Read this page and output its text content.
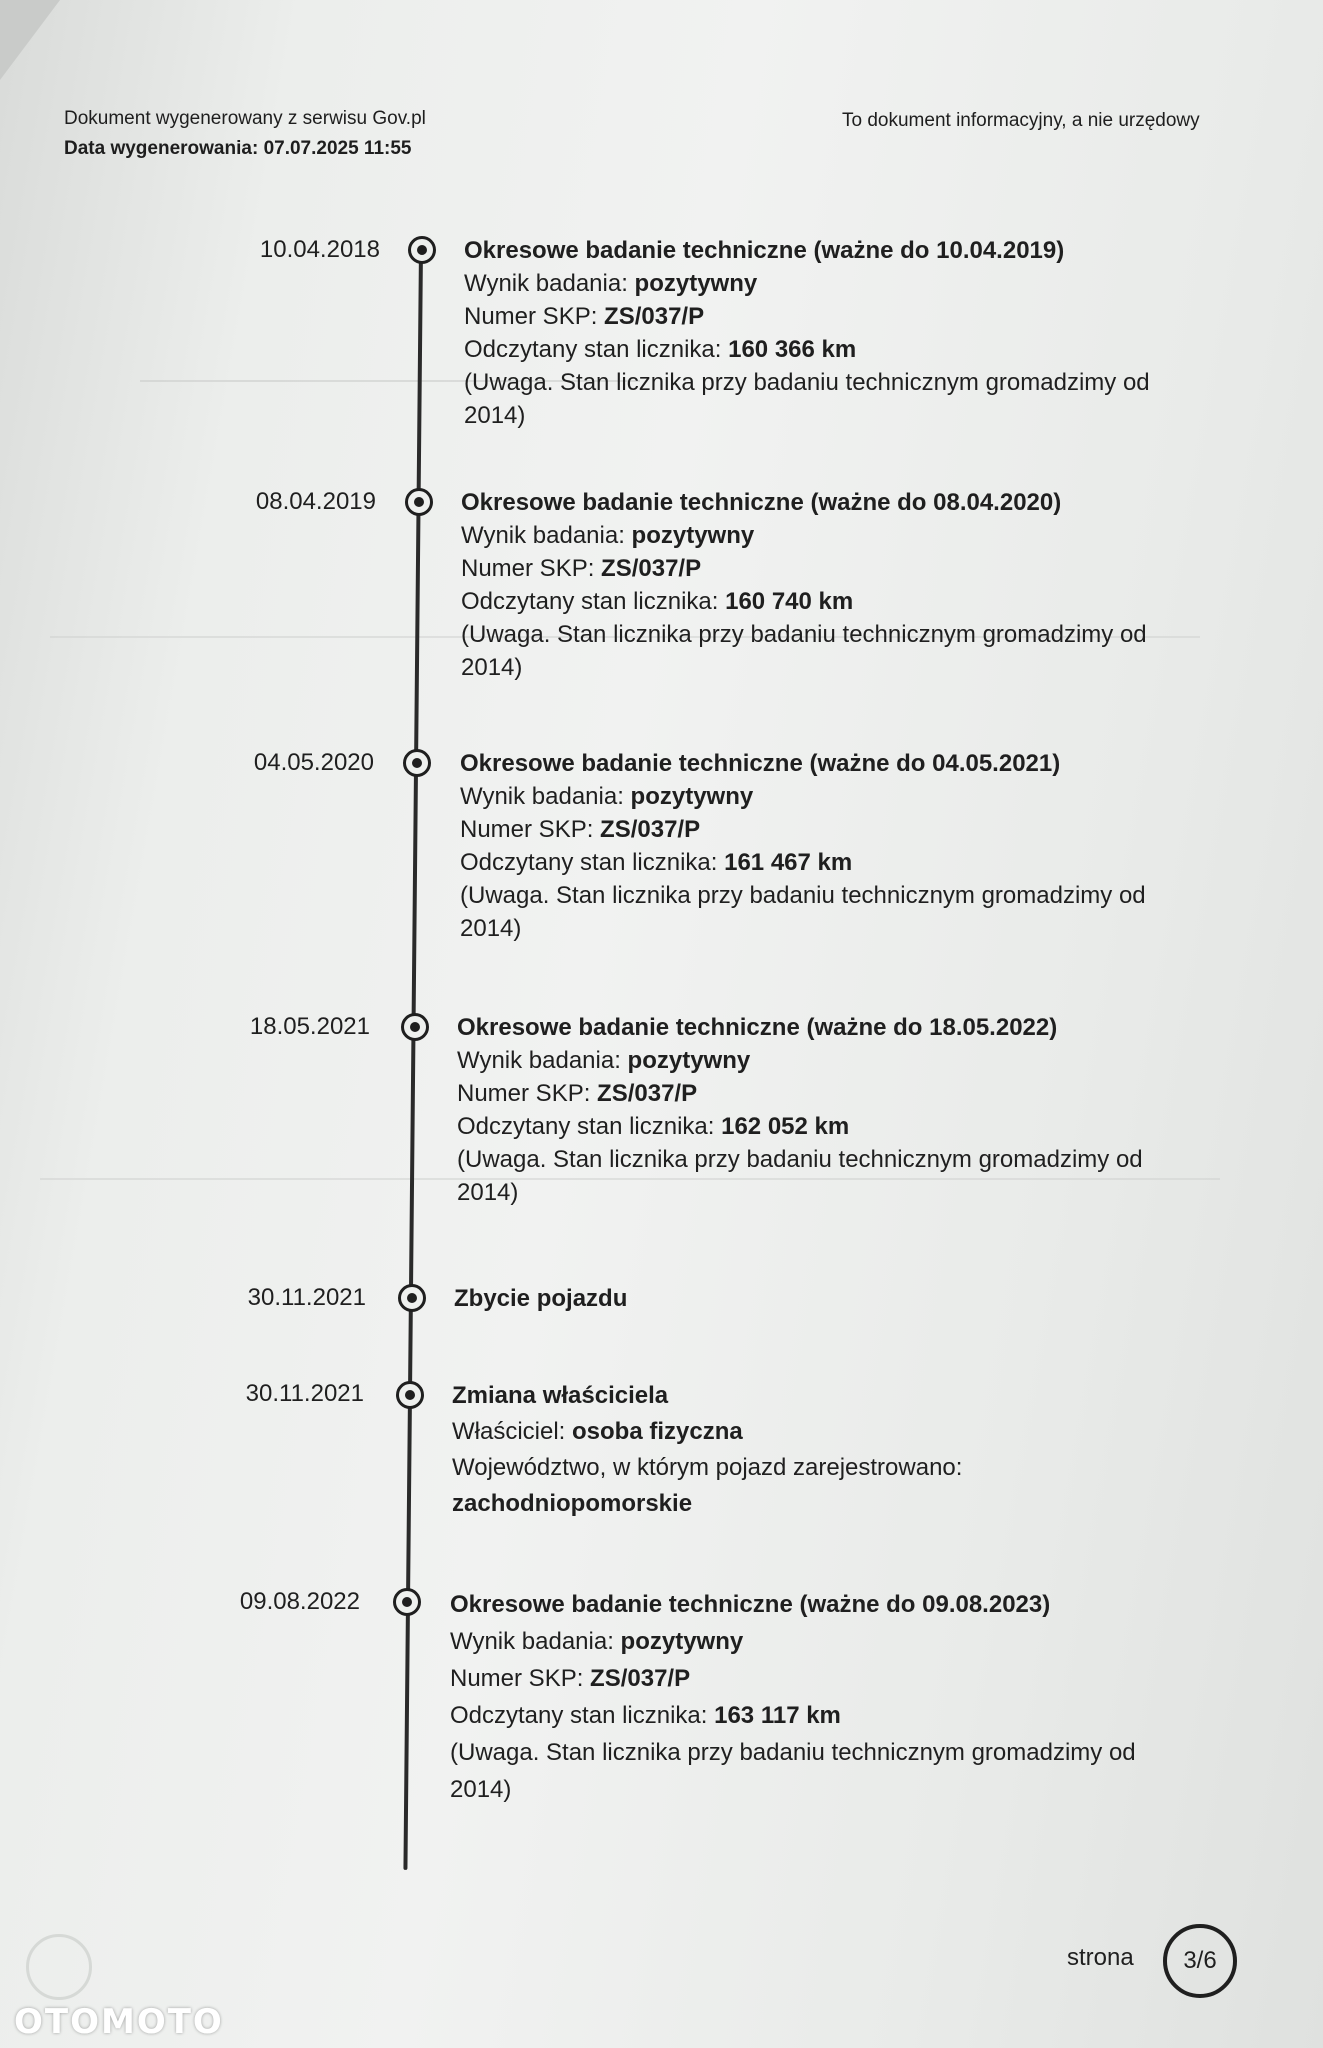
Dokument wygenerowany z serwisu Gov.pl
Data wygenerowania: 07.07.2025 11:55
To dokument informacyjny, a nie urzędowy
10.04.2018	Okresowe badanie techniczne (ważne do 10.04.2019)
Wynik badania: pozytywny
Numer SKP: ZS/037/P
Odczytany stan licznika: 160 366 km
(Uwaga. Stan licznika przy badaniu technicznym gromadzimy od
2014)
08.04.2019	Okresowe badanie techniczne (ważne do 08.04.2020)
Wynik badania: pozytywny
Numer SKP: ZS/037/P
Odczytany stan licznika: 160 740 km
(Uwaga. Stan licznika przy badaniu technicznym gromadzimy od
2014)
04.05.2020	Okresowe badanie techniczne (ważne do 04.05.2021)
Wynik badania: pozytywny
Numer SKP: ZS/037/P
Odczytany stan licznika: 161 467 km
(Uwaga. Stan licznika przy badaniu technicznym gromadzimy od
2014)
18.05.2021	Okresowe badanie techniczne (ważne do 18.05.2022)
Wynik badania: pozytywny
Numer SKP: ZS/037/P
Odczytany stan licznika: 162 052 km
(Uwaga. Stan licznika przy badaniu technicznym gromadzimy od
2014)
30.11.2021	Zbycie pojazdu
30.11.2021	Zmiana właściciela
Właściciel: osoba fizyczna
Województwo, w którym pojazd zarejestrowano:
zachodniopomorskie
09.08.2022	Okresowe badanie techniczne (ważne do 09.08.2023)
Wynik badania: pozytywny
Numer SKP: ZS/037/P
Odczytany stan licznika: 163 117 km
(Uwaga. Stan licznika przy badaniu technicznym gromadzimy od
2014)
strona	3/6
OTOMOTO
